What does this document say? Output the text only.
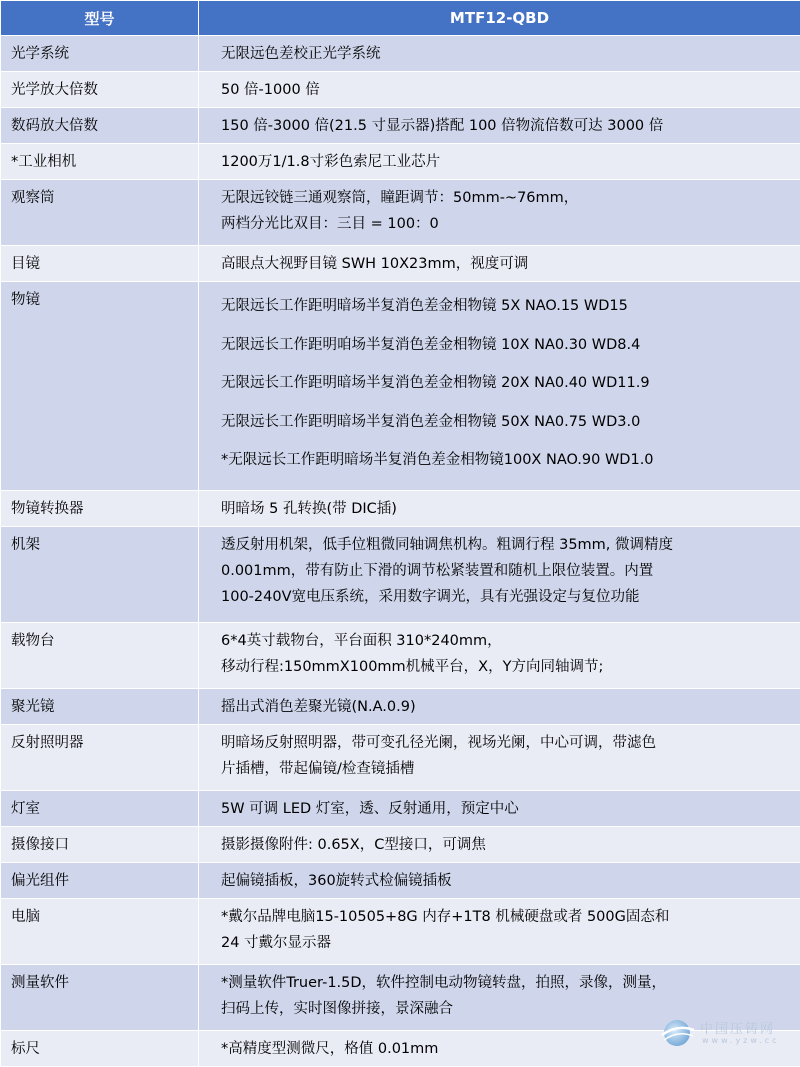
型号	MTF12-QBD

光学系统	无限远色差校正光学系统

光学放大倍数	50 倍-1000 倍

数码放大倍数	150 倍-3000 倍(21.5 寸显示器)搭配 100 倍物流倍数可达 3000 倍

*工业相机	1200万1/1.8寸彩色索尼工业芯片

观察筒	无限远铰链三通观察筒，瞳距调节：50mm-~76mm，
两档分光比双目：三目 = 100：0

目镜	高眼点大视野目镜 SWH 10X23mm，视度可调

物镜	无限远长工作距明暗场半复消色差金相物镜 5X NAO.15 WD15
无限远长工作距明咱场半复消色差金相物镜 10X NA0.30 WD8.4
无限远长工作距明暗场半复消色差金相物镜 20X NA0.40 WD11.9
无限远长工作距明暗场半复消色差金相物镜 50X NA0.75 WD3.0
*无限远长工作距明暗场半复消色差金相物镜100X NAO.90 WD1.0

物镜转换器	明暗场 5 孔转换(带 DIC插)

机架	透反射用机架，低手位粗微同轴调焦机构。粗调行程 35mm, 微调精度
0.001mm，带有防止下滑的调节松紧装置和随机上限位装置。内置
100-240V宽电压系统，采用数字调光，具有光强设定与复位功能

载物台	6*4英寸载物台，平台面积 310*240mm，
移动行程:150mmX100mm机械平台，X，Y方向同轴调节;

聚光镜	摇出式消色差聚光镜(N.A.0.9)

反射照明器	明暗场反射照明器，带可变孔径光阑，视场光阑，中心可调，带滤色
片插槽，带起偏镜/检查镜插槽

灯室	5W 可调 LED 灯室，透、反射通用，预定中心

摄像接口	摄影摄像附件: 0.65X，C型接口，可调焦

偏光组件	起偏镜插板，360旋转式检偏镜插板

电脑	*戴尔品牌电脑15-10505+8G 内存+1T8 机械硬盘或者 500G固态和
24 寸戴尔显示器

测量软件	*测量软件Truer-1.5D，软件控制电动物镜转盘，拍照，录像，测量，
扫码上传，实时图像拼接，景深融合

标尺	*高精度型测微尺，格值 0.01mm
中国压铸网
www.yzw.cc
